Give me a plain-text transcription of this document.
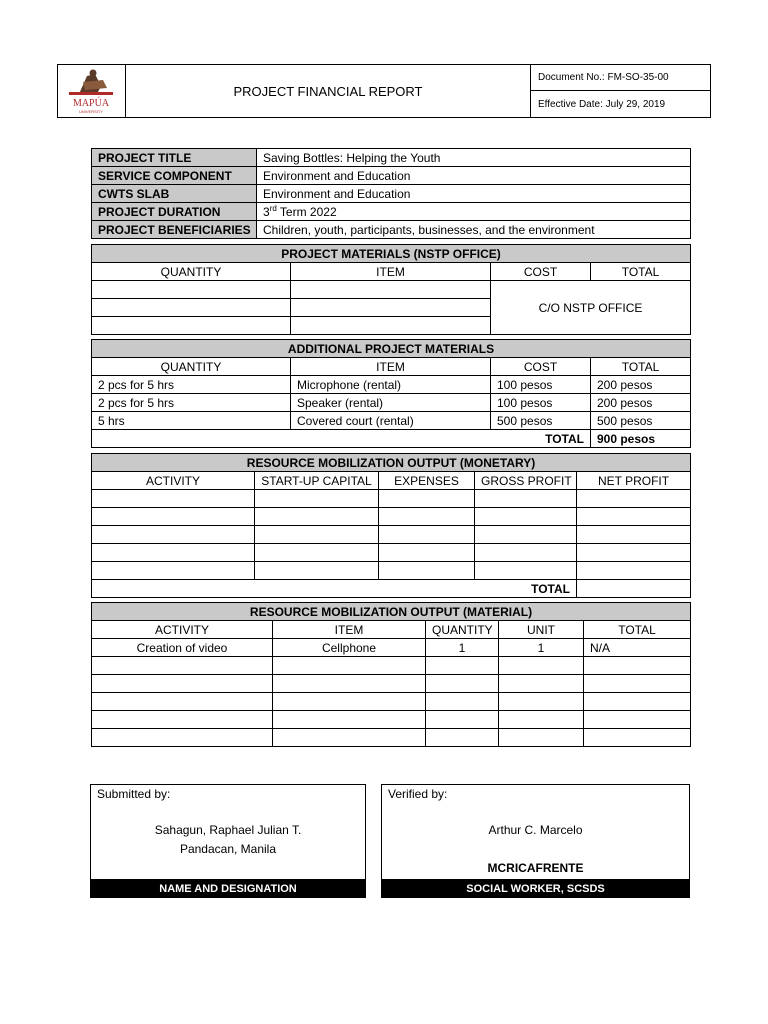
MAPÚA
UNIVERSITY
PROJECT FINANCIAL REPORT
Document No.: FM-SO-35-00
Effective Date: July 29, 2019
PROJECT TITLE	Saving Bottles: Helping the Youth
SERVICE COMPONENT	Environment and Education
CWTS SLAB	Environment and Education
PROJECT DURATION	3rd Term 2022
PROJECT BENEFICIARIES	Children, youth, participants, businesses, and the environment
PROJECT MATERIALS (NSTP OFFICE)			
QUANTITY	ITEM	COST	TOTAL
		C/O NSTP OFFICE	

ADDITIONAL PROJECT MATERIALS			
QUANTITY	ITEM	COST	TOTAL
2 pcs for 5 hrs	Microphone (rental)	100 pesos	200 pesos
2 pcs for 5 hrs	Speaker (rental)	100 pesos	200 pesos
5 hrs	Covered court (rental)	500 pesos	500 pesos
TOTAL			900 pesos
RESOURCE MOBILIZATION OUTPUT (MONETARY)				
ACTIVITY	START-UP CAPITAL	EXPENSES	GROSS PROFIT	NET PROFIT

TOTAL				
RESOURCE MOBILIZATION OUTPUT (MATERIAL)				
ACTIVITY	ITEM	QUANTITY	UNIT	TOTAL
Creation of video	Cellphone	1	1	N/A

Submitted by:
Sahagun, Raphael Julian T.
Pandacan, Manila
NAME AND DESIGNATION
Verified by:
Arthur C. Marcelo
MCRICAFRENTE
SOCIAL WORKER, SCSDS
